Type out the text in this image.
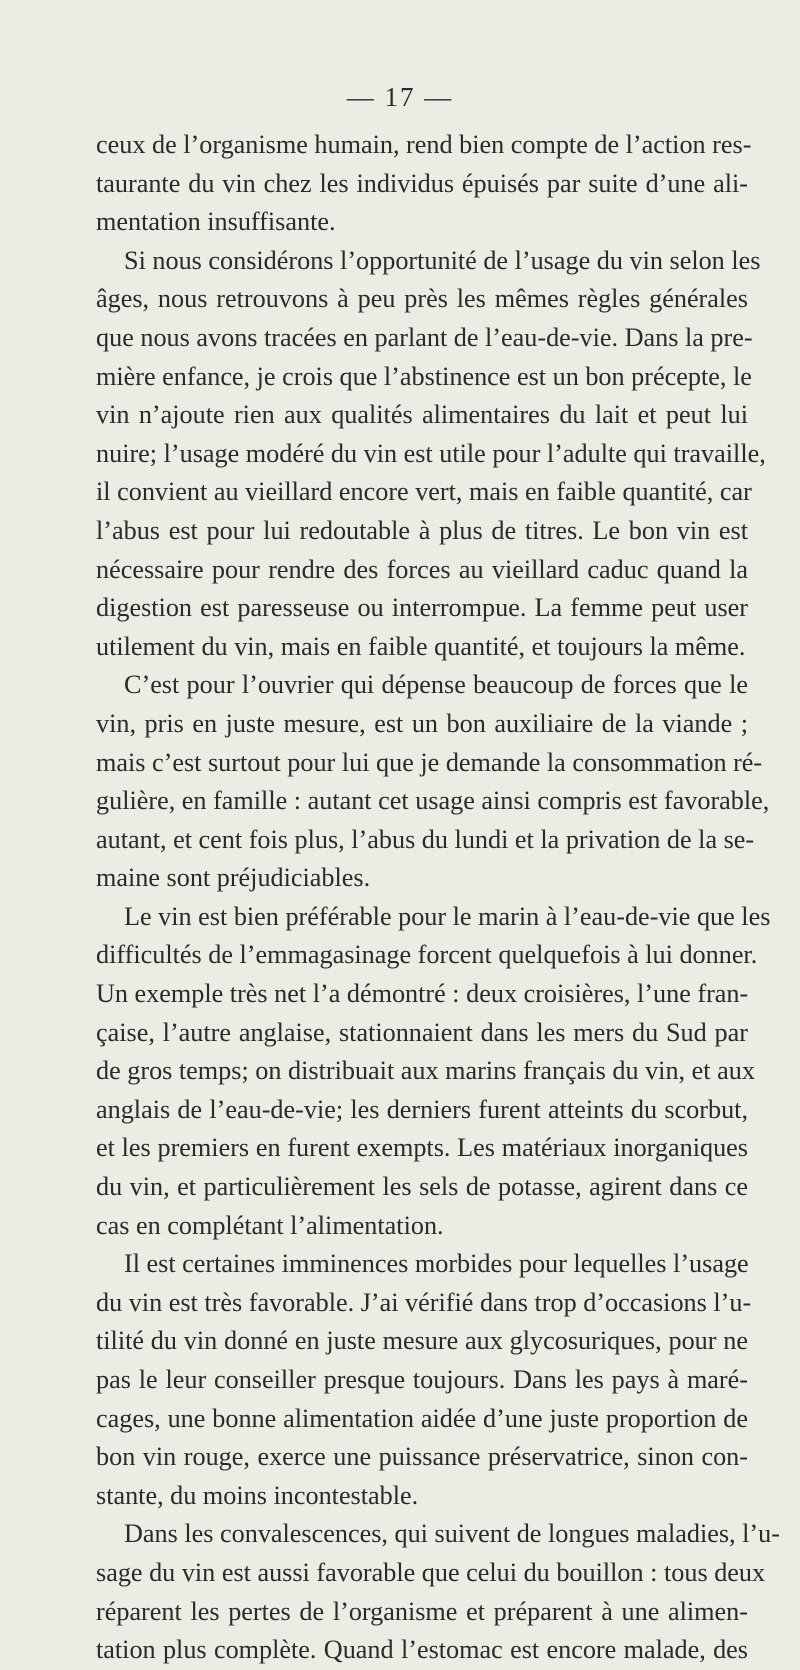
— 17 —

ceux de l’organisme humain, rend bien compte de l’action res-
taurante du vin chez les individus épuisés par suite d’une ali-
mentation insuffisante.

Si nous considérons l’opportunité de l’usage du vin selon les
âges, nous retrouvons à peu près les mêmes règles générales
que nous avons tracées en parlant de l’eau-de-vie. Dans la pre-
mière enfance, je crois que l’abstinence est un bon précepte, le
vin n’ajoute rien aux qualités alimentaires du lait et peut lui
nuire; l’usage modéré du vin est utile pour l’adulte qui travaille,
il convient au vieillard encore vert, mais en faible quantité, car
l’abus est pour lui redoutable à plus de titres. Le bon vin est
nécessaire pour rendre des forces au vieillard caduc quand la
digestion est paresseuse ou interrompue. La femme peut user
utilement du vin, mais en faible quantité, et toujours la même.

C’est pour l’ouvrier qui dépense beaucoup de forces que le
vin, pris en juste mesure, est un bon auxiliaire de la viande ;
mais c’est surtout pour lui que je demande la consommation ré-
gulière, en famille : autant cet usage ainsi compris est favorable,
autant, et cent fois plus, l’abus du lundi et la privation de la se-
maine sont préjudiciables.

Le vin est bien préférable pour le marin à l’eau-de-vie que les
difficultés de l’emmagasinage forcent quelquefois à lui donner.
Un exemple très net l’a démontré : deux croisières, l’une fran-
çaise, l’autre anglaise, stationnaient dans les mers du Sud par
de gros temps; on distribuait aux marins français du vin, et aux
anglais de l’eau-de-vie; les derniers furent atteints du scorbut,
et les premiers en furent exempts. Les matériaux inorganiques
du vin, et particulièrement les sels de potasse, agirent dans ce
cas en complétant l’alimentation.

Il est certaines imminences morbides pour lequelles l’usage
du vin est très favorable. J’ai vérifié dans trop d’occasions l’u-
tilité du vin donné en juste mesure aux glycosuriques, pour ne
pas le leur conseiller presque toujours. Dans les pays à maré-
cages, une bonne alimentation aidée d’une juste proportion de
bon vin rouge, exerce une puissance préservatrice, sinon con-
stante, du moins incontestable.

Dans les convalescences, qui suivent de longues maladies, l’u-
sage du vin est aussi favorable que celui du bouillon : tous deux
réparent les pertes de l’organisme et préparent à une alimen-
tation plus complète. Quand l’estomac est encore malade, des
